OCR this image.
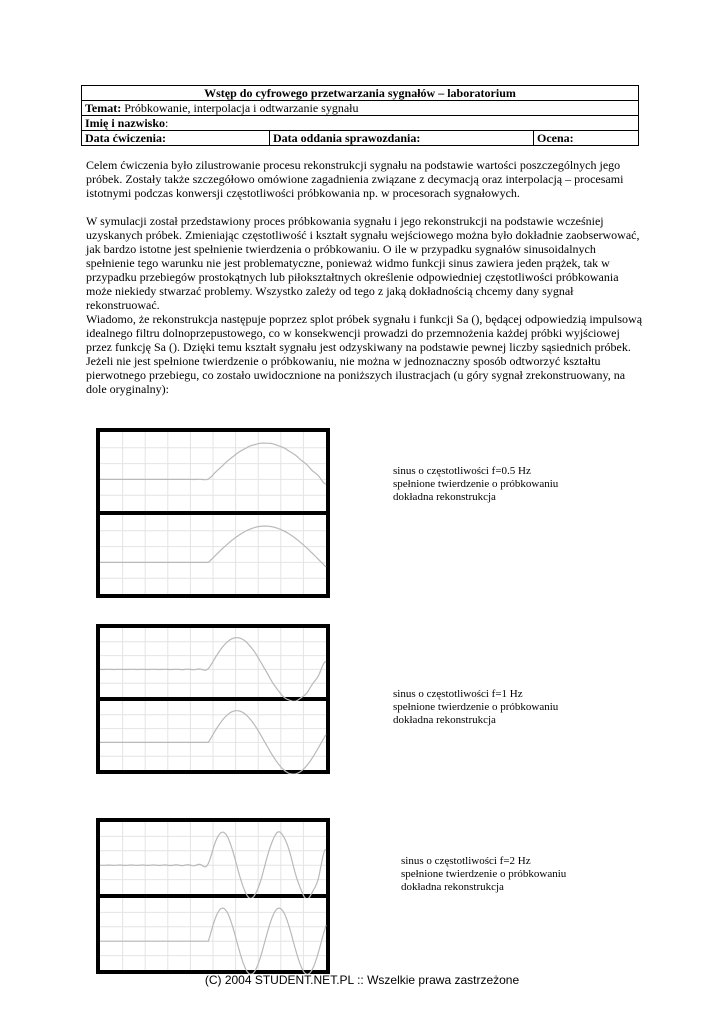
Wstęp do cyfrowego przetwarzania sygnałów – laboratorium
Temat: Próbkowanie, interpolacja i odtwarzanie sygnału
Imię i nazwisko:
Data ćwiczenia:	Data oddania sprawozdania:	Ocena:

Celem ćwiczenia było zilustrowanie procesu rekonstrukcji sygnału na podstawie wartości poszczególnych jego próbek. Zostały także szczegółowo omówione zagadnienia związane z decymacją oraz interpolacją – procesami istotnymi podczas konwersji częstotliwości próbkowania np. w procesorach sygnałowych.

W symulacji został przedstawiony proces próbkowania sygnału i jego rekonstrukcji na podstawie wcześniej uzyskanych próbek. Zmieniając częstotliwość i kształt sygnału wejściowego można było dokładnie zaobserwować, jak bardzo istotne jest spełnienie twierdzenia o próbkowaniu. O ile w przypadku sygnałów sinusoidalnych spełnienie tego warunku nie jest problematyczne, ponieważ widmo funkcji sinus zawiera jeden prążek, tak w przypadku przebiegów prostokątnych lub piłokształtnych określenie odpowiedniej częstotliwości próbkowania może niekiedy stwarzać problemy. Wszystko zależy od tego z jaką dokładnością chcemy dany sygnał rekonstruować.

Wiadomo, że rekonstrukcja następuje poprzez splot próbek sygnału i funkcji Sa (), będącej odpowiedzią impulsową idealnego filtru dolnoprzepustowego, co w konsekwencji prowadzi do przemnożenia każdej próbki wyjściowej przez funkcję Sa (). Dzięki temu kształt sygnału jest odzyskiwany na podstawie pewnej liczby sąsiednich próbek.

Jeżeli nie jest spełnione twierdzenie o próbkowaniu, nie można w jednoznaczny sposób odtworzyć kształtu pierwotnego przebiegu, co zostało uwidocznione na poniższych ilustracjach (u góry sygnał zrekonstruowany, na dole oryginalny):

sinus o częstotliwości f=0.5 Hz
spełnione twierdzenie o próbkowaniu
dokładna rekonstrukcja
sinus o częstotliwości f=1 Hz
spełnione twierdzenie o próbkowaniu
dokładna rekonstrukcja
sinus o częstotliwości f=2 Hz
spełnione twierdzenie o próbkowaniu
dokładna rekonstrukcja
(C) 2004 STUDENT.NET.PL :: Wszelkie prawa zastrzeżone
